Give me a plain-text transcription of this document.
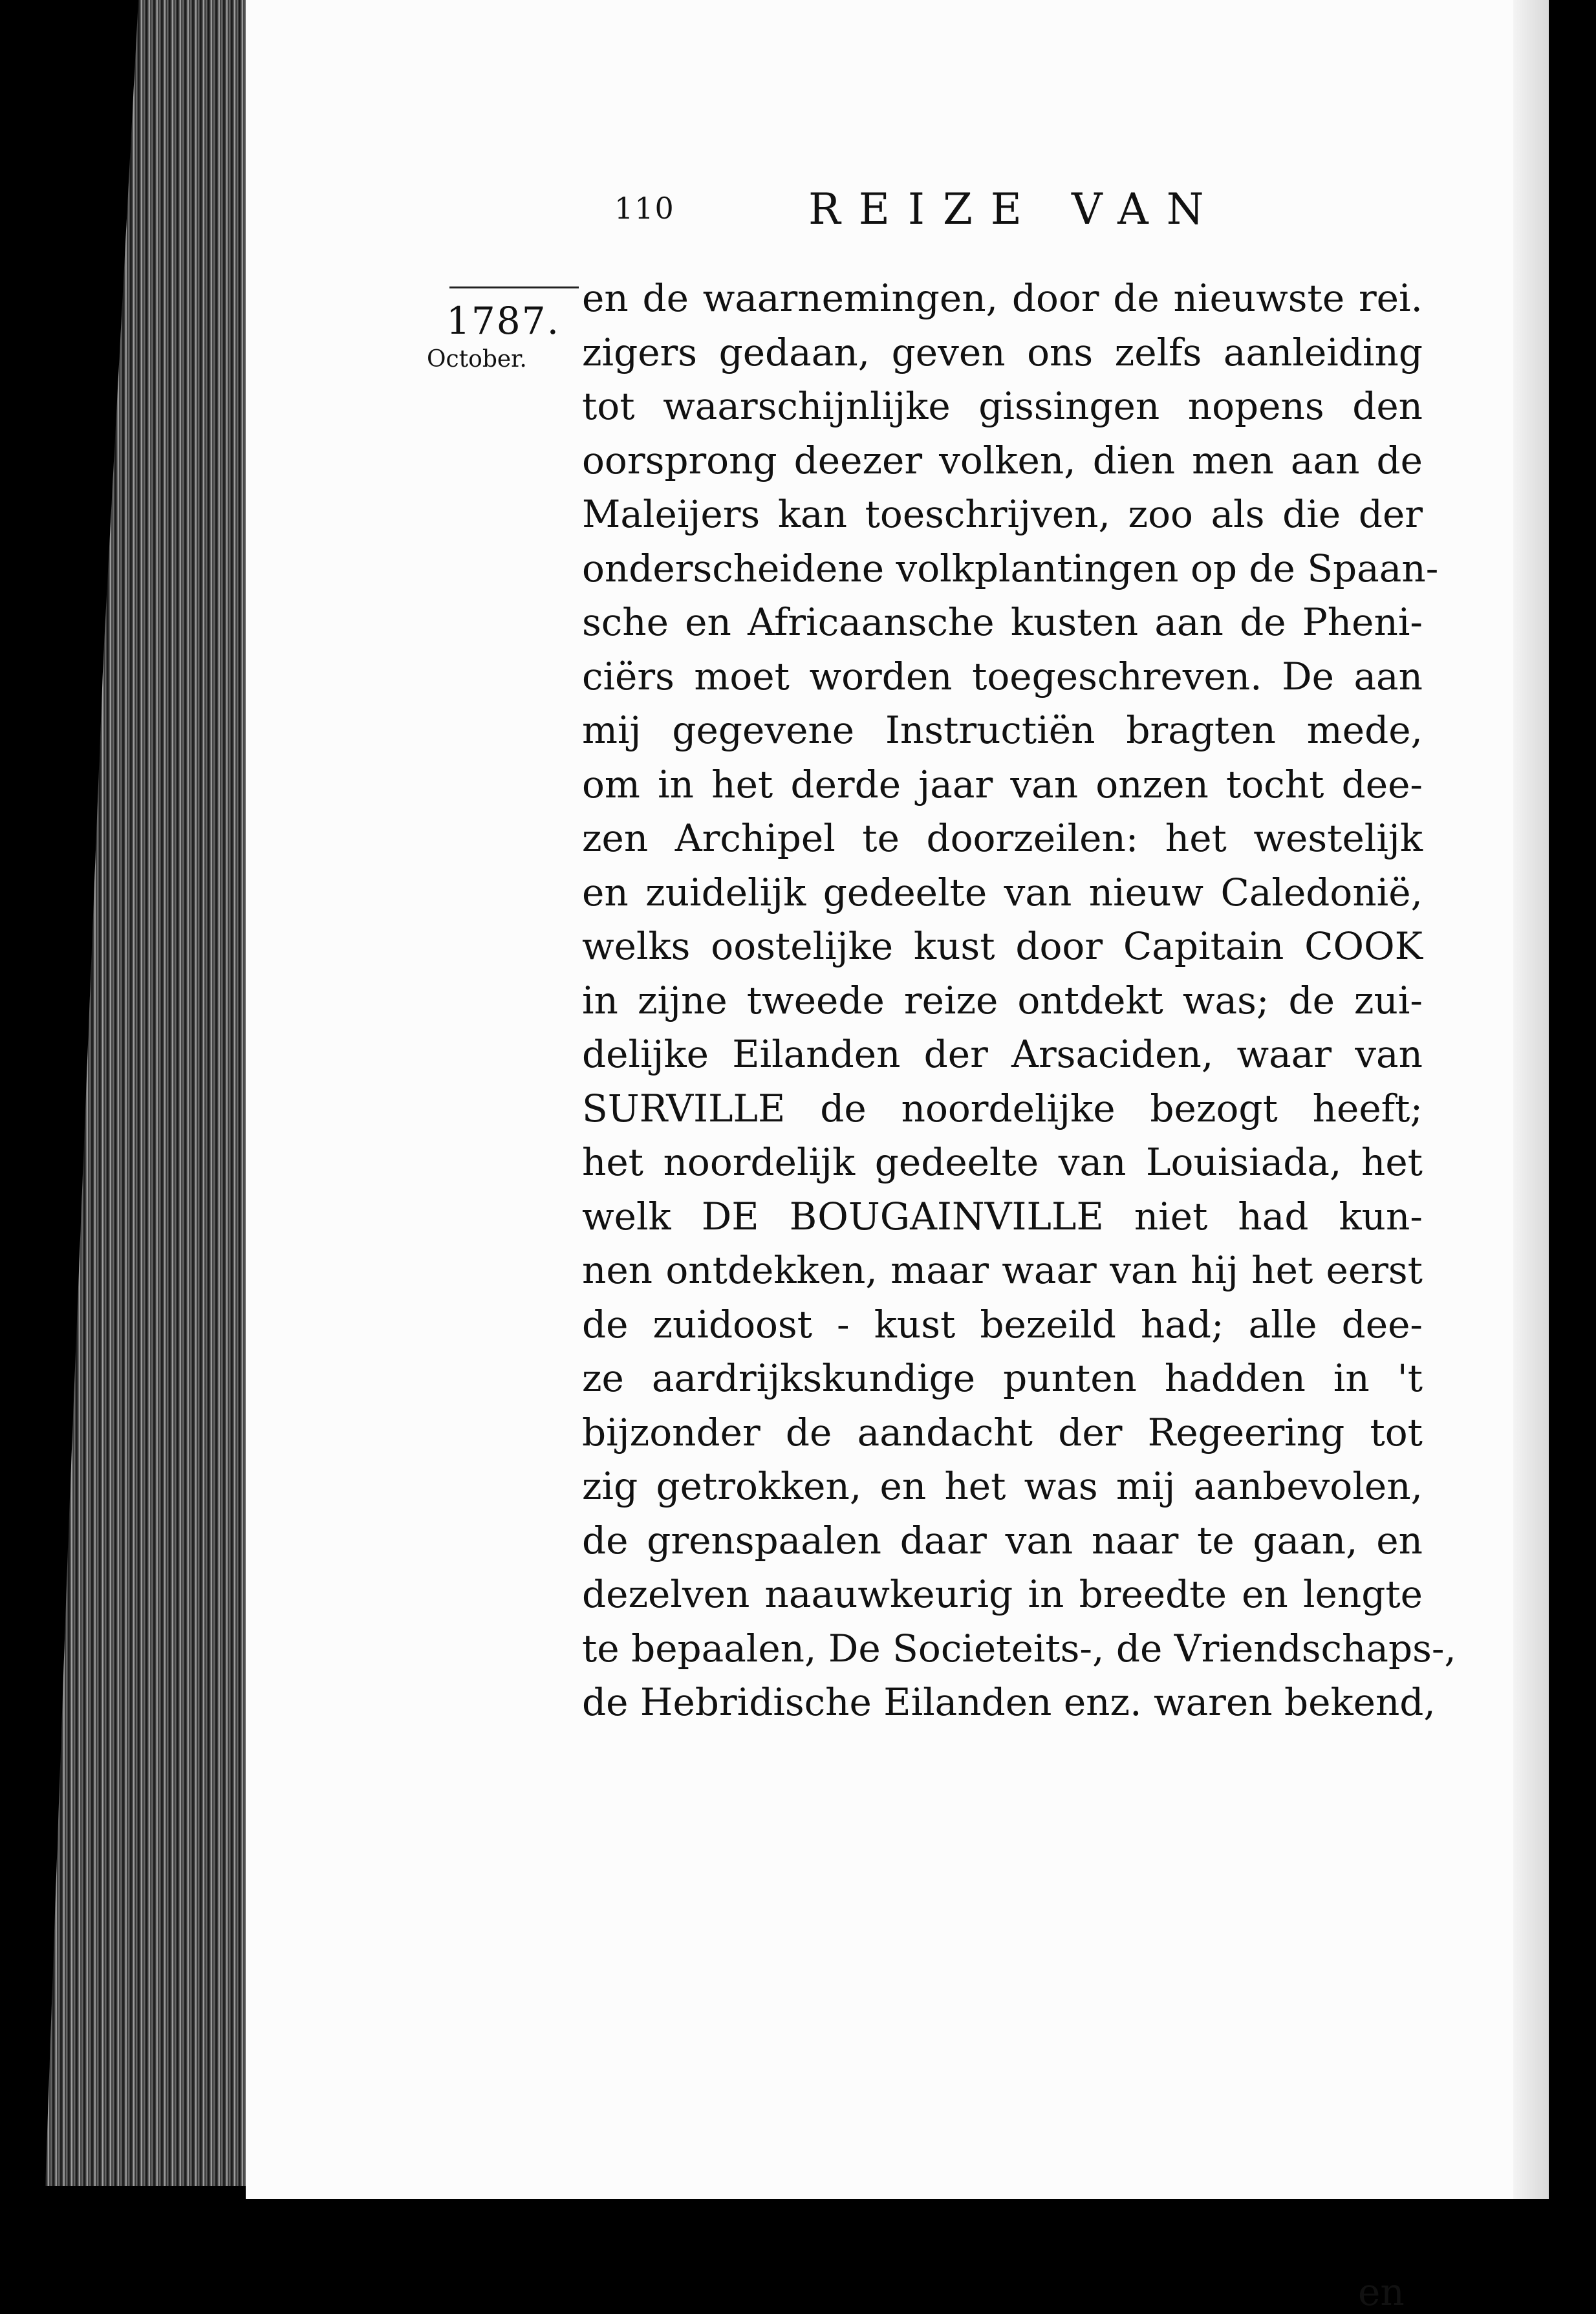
110	REIZE VAN
1787.
October.
en de waarnemingen, door de nieuwste rei.
zigers gedaan, geven ons zelfs aanleiding
tot waarschijnlijke gissingen nopens den
oorsprong deezer volken, dien men aan de
Maleijers kan toeschrijven, zoo als die der
onderscheidene volkplantingen op de Spaan-
sche en Africaansche kusten aan de Pheni-
ciërs moet worden toegeschreven. De aan
mij gegevene Instructiën bragten mede,
om in het derde jaar van onzen tocht dee-
zen Archipel te doorzeilen: het westelijk
en zuidelijk gedeelte van nieuw Caledonië,
welks oostelijke kust door Capitain COOK
in zijne tweede reize ontdekt was; de zui-
delijke Eilanden der Arsaciden, waar van
SURVILLE de noordelijke bezogt heeft;
het noordelijk gedeelte van Louisiada, het
welk DE BOUGAINVILLE niet had kun-
nen ontdekken, maar waar van hij het eerst
de zuidoost - kust bezeild had; alle dee-
ze aardrijkskundige punten hadden in 't
bijzonder de aandacht der Regeering tot
zig getrokken, en het was mij aanbevolen,
de grenspaalen daar van naar te gaan, en
dezelven naauwkeurig in breedte en lengte
te bepaalen, De Societeits-, de Vriendschaps-,
de Hebridische Eilanden enz. waren bekend,
en
